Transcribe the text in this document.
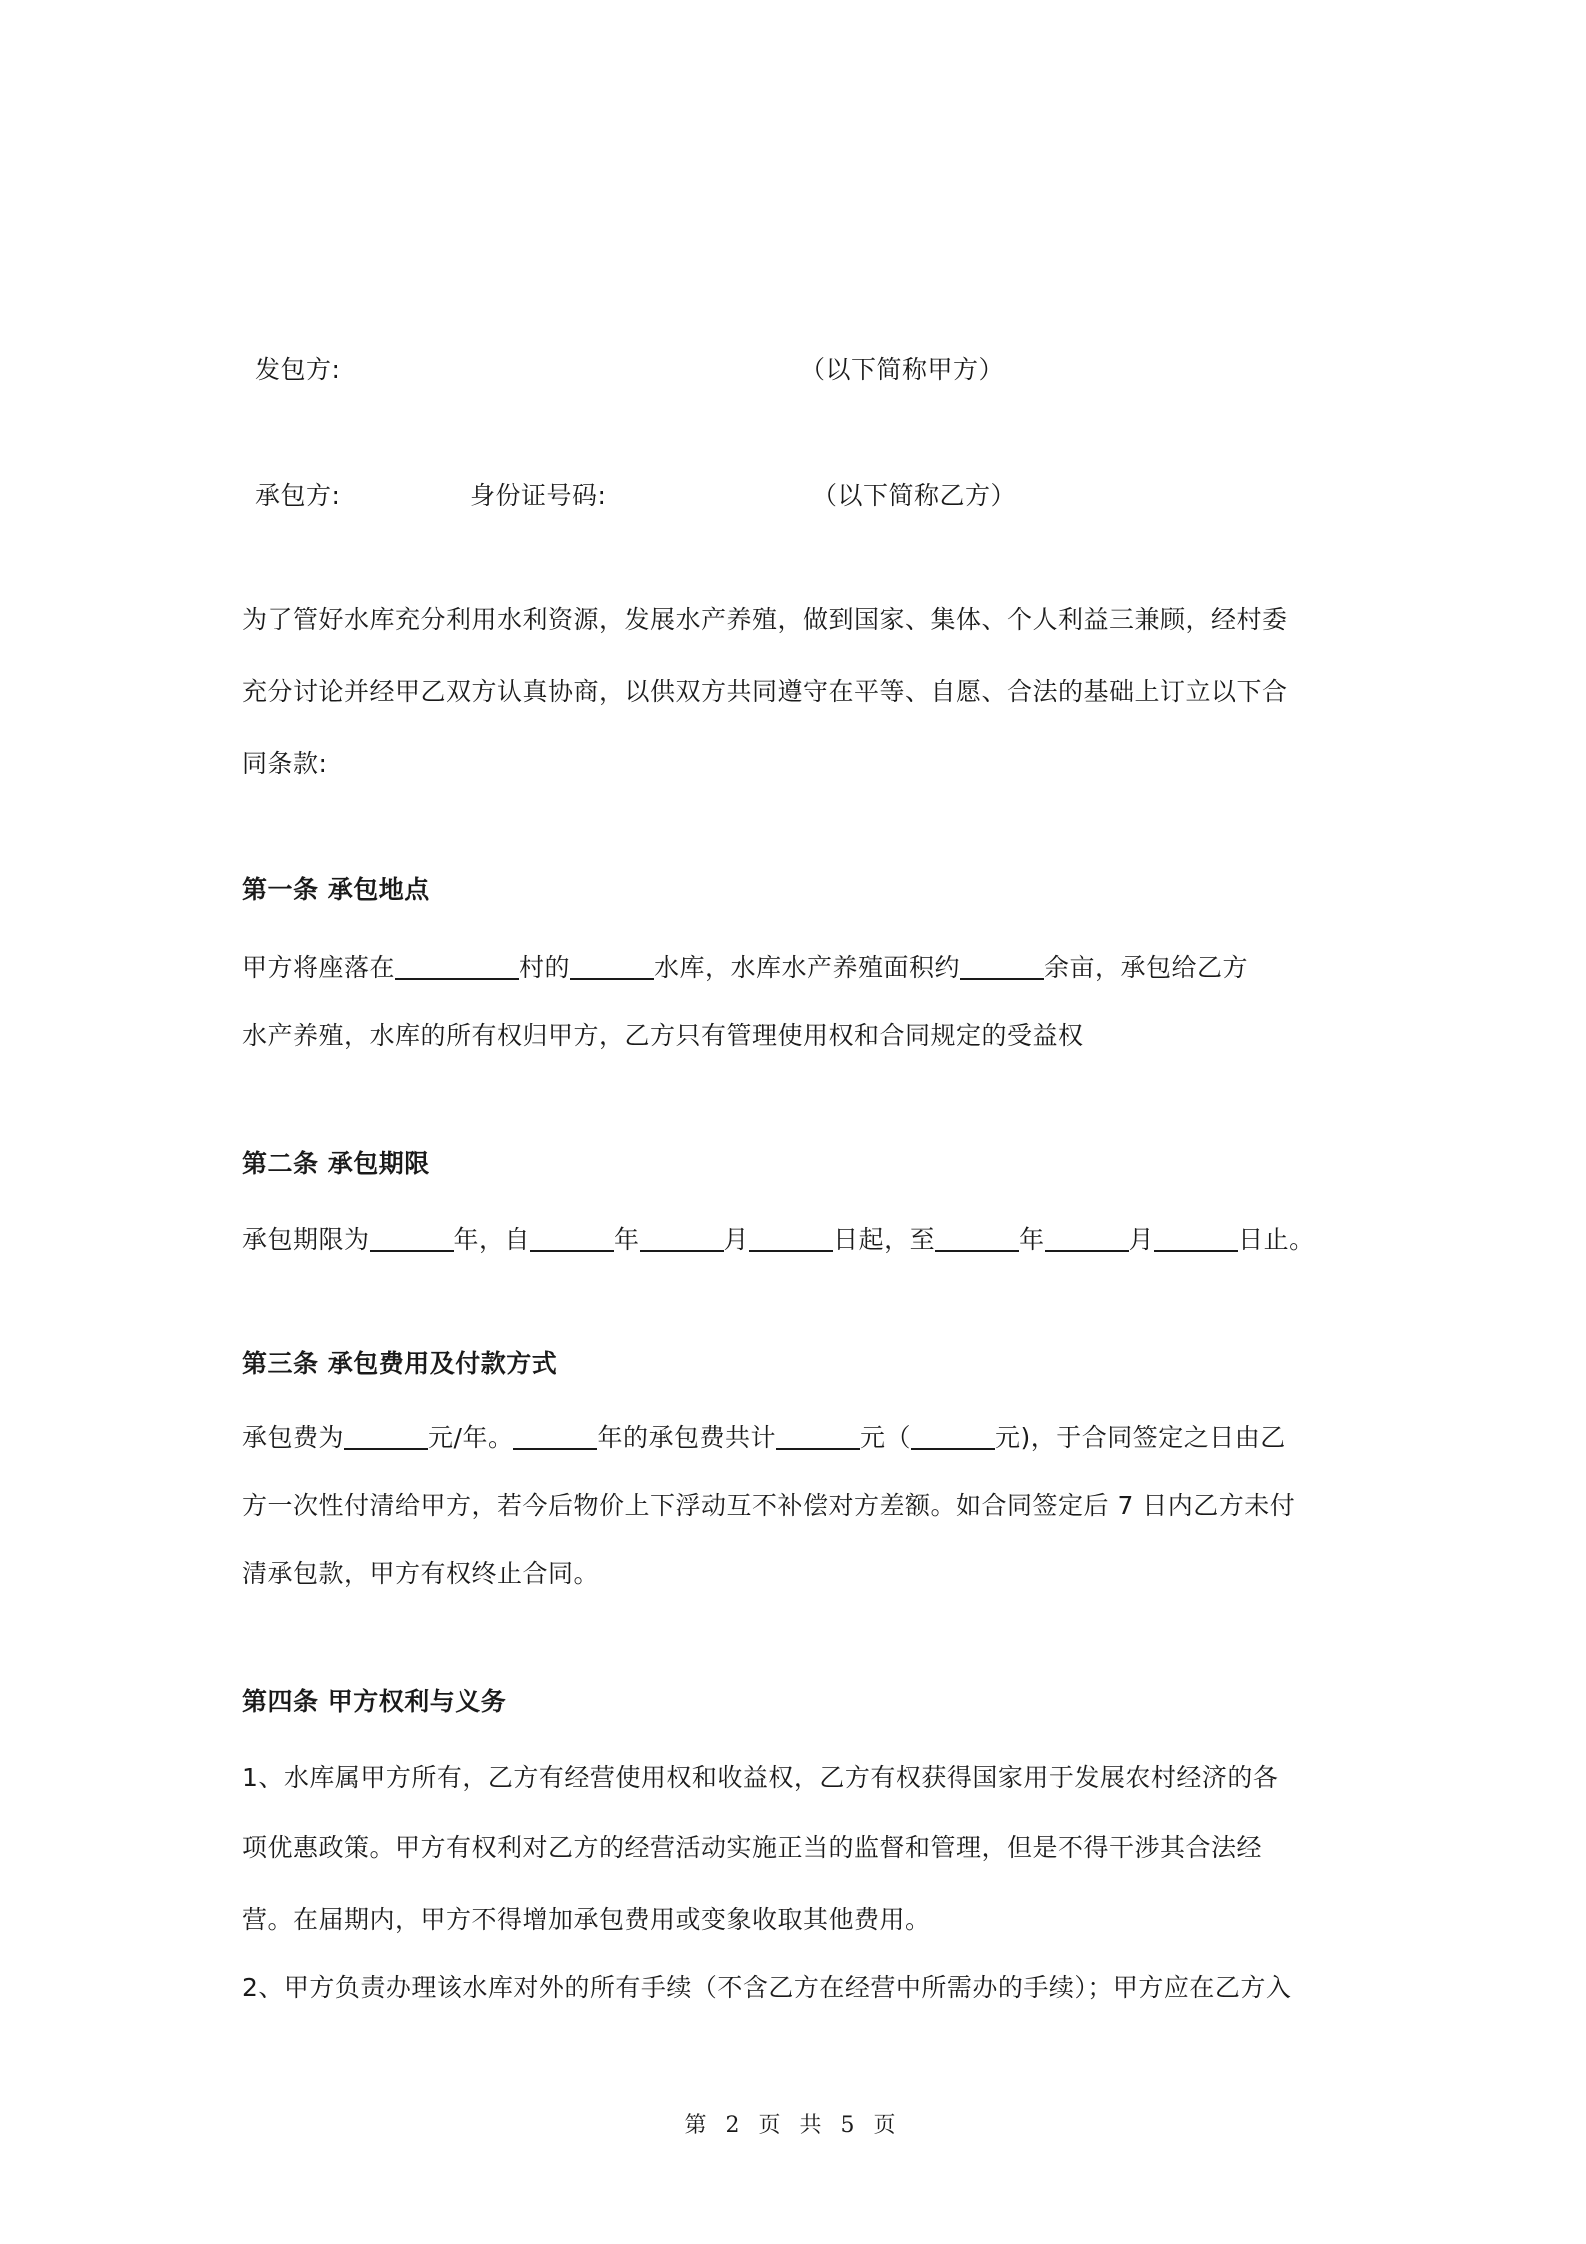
发包方:	（以下简称甲方）
承包方:	身份证号码:	（以下简称乙方）
为了管好水库充分利用水利资源，发展水产养殖，做到国家、集体、个人利益三兼顾，经村委
充分讨论并经甲乙双方认真协商，以供双方共同遵守在平等、自愿、合法的基础上订立以下合
同条款:
第一条 承包地点
甲方将座落在	村的	水库，水库水产养殖面积约	余亩，承包给乙方
水产养殖，水库的所有权归甲方，乙方只有管理使用权和合同规定的受益权
第二条 承包期限
承包期限为	年，自	年	月	日起，至	年	月	日止。
第三条 承包费用及付款方式
承包费为	元/年。	年的承包费共计	元（	元)，于合同签定之日由乙
方一次性付清给甲方，若今后物价上下浮动互不补偿对方差额。如合同签定后 7 日内乙方未付
清承包款，甲方有权终止合同。
第四条 甲方权利与义务
1、水库属甲方所有，乙方有经营使用权和收益权，乙方有权获得国家用于发展农村经济的各
项优惠政策。甲方有权利对乙方的经营活动实施正当的监督和管理，但是不得干涉其合法经
营。在届期内，甲方不得增加承包费用或变象收取其他费用。
2、甲方负责办理该水库对外的所有手续（不含乙方在经营中所需办的手续）；甲方应在乙方入
第 2 页 共 5 页
